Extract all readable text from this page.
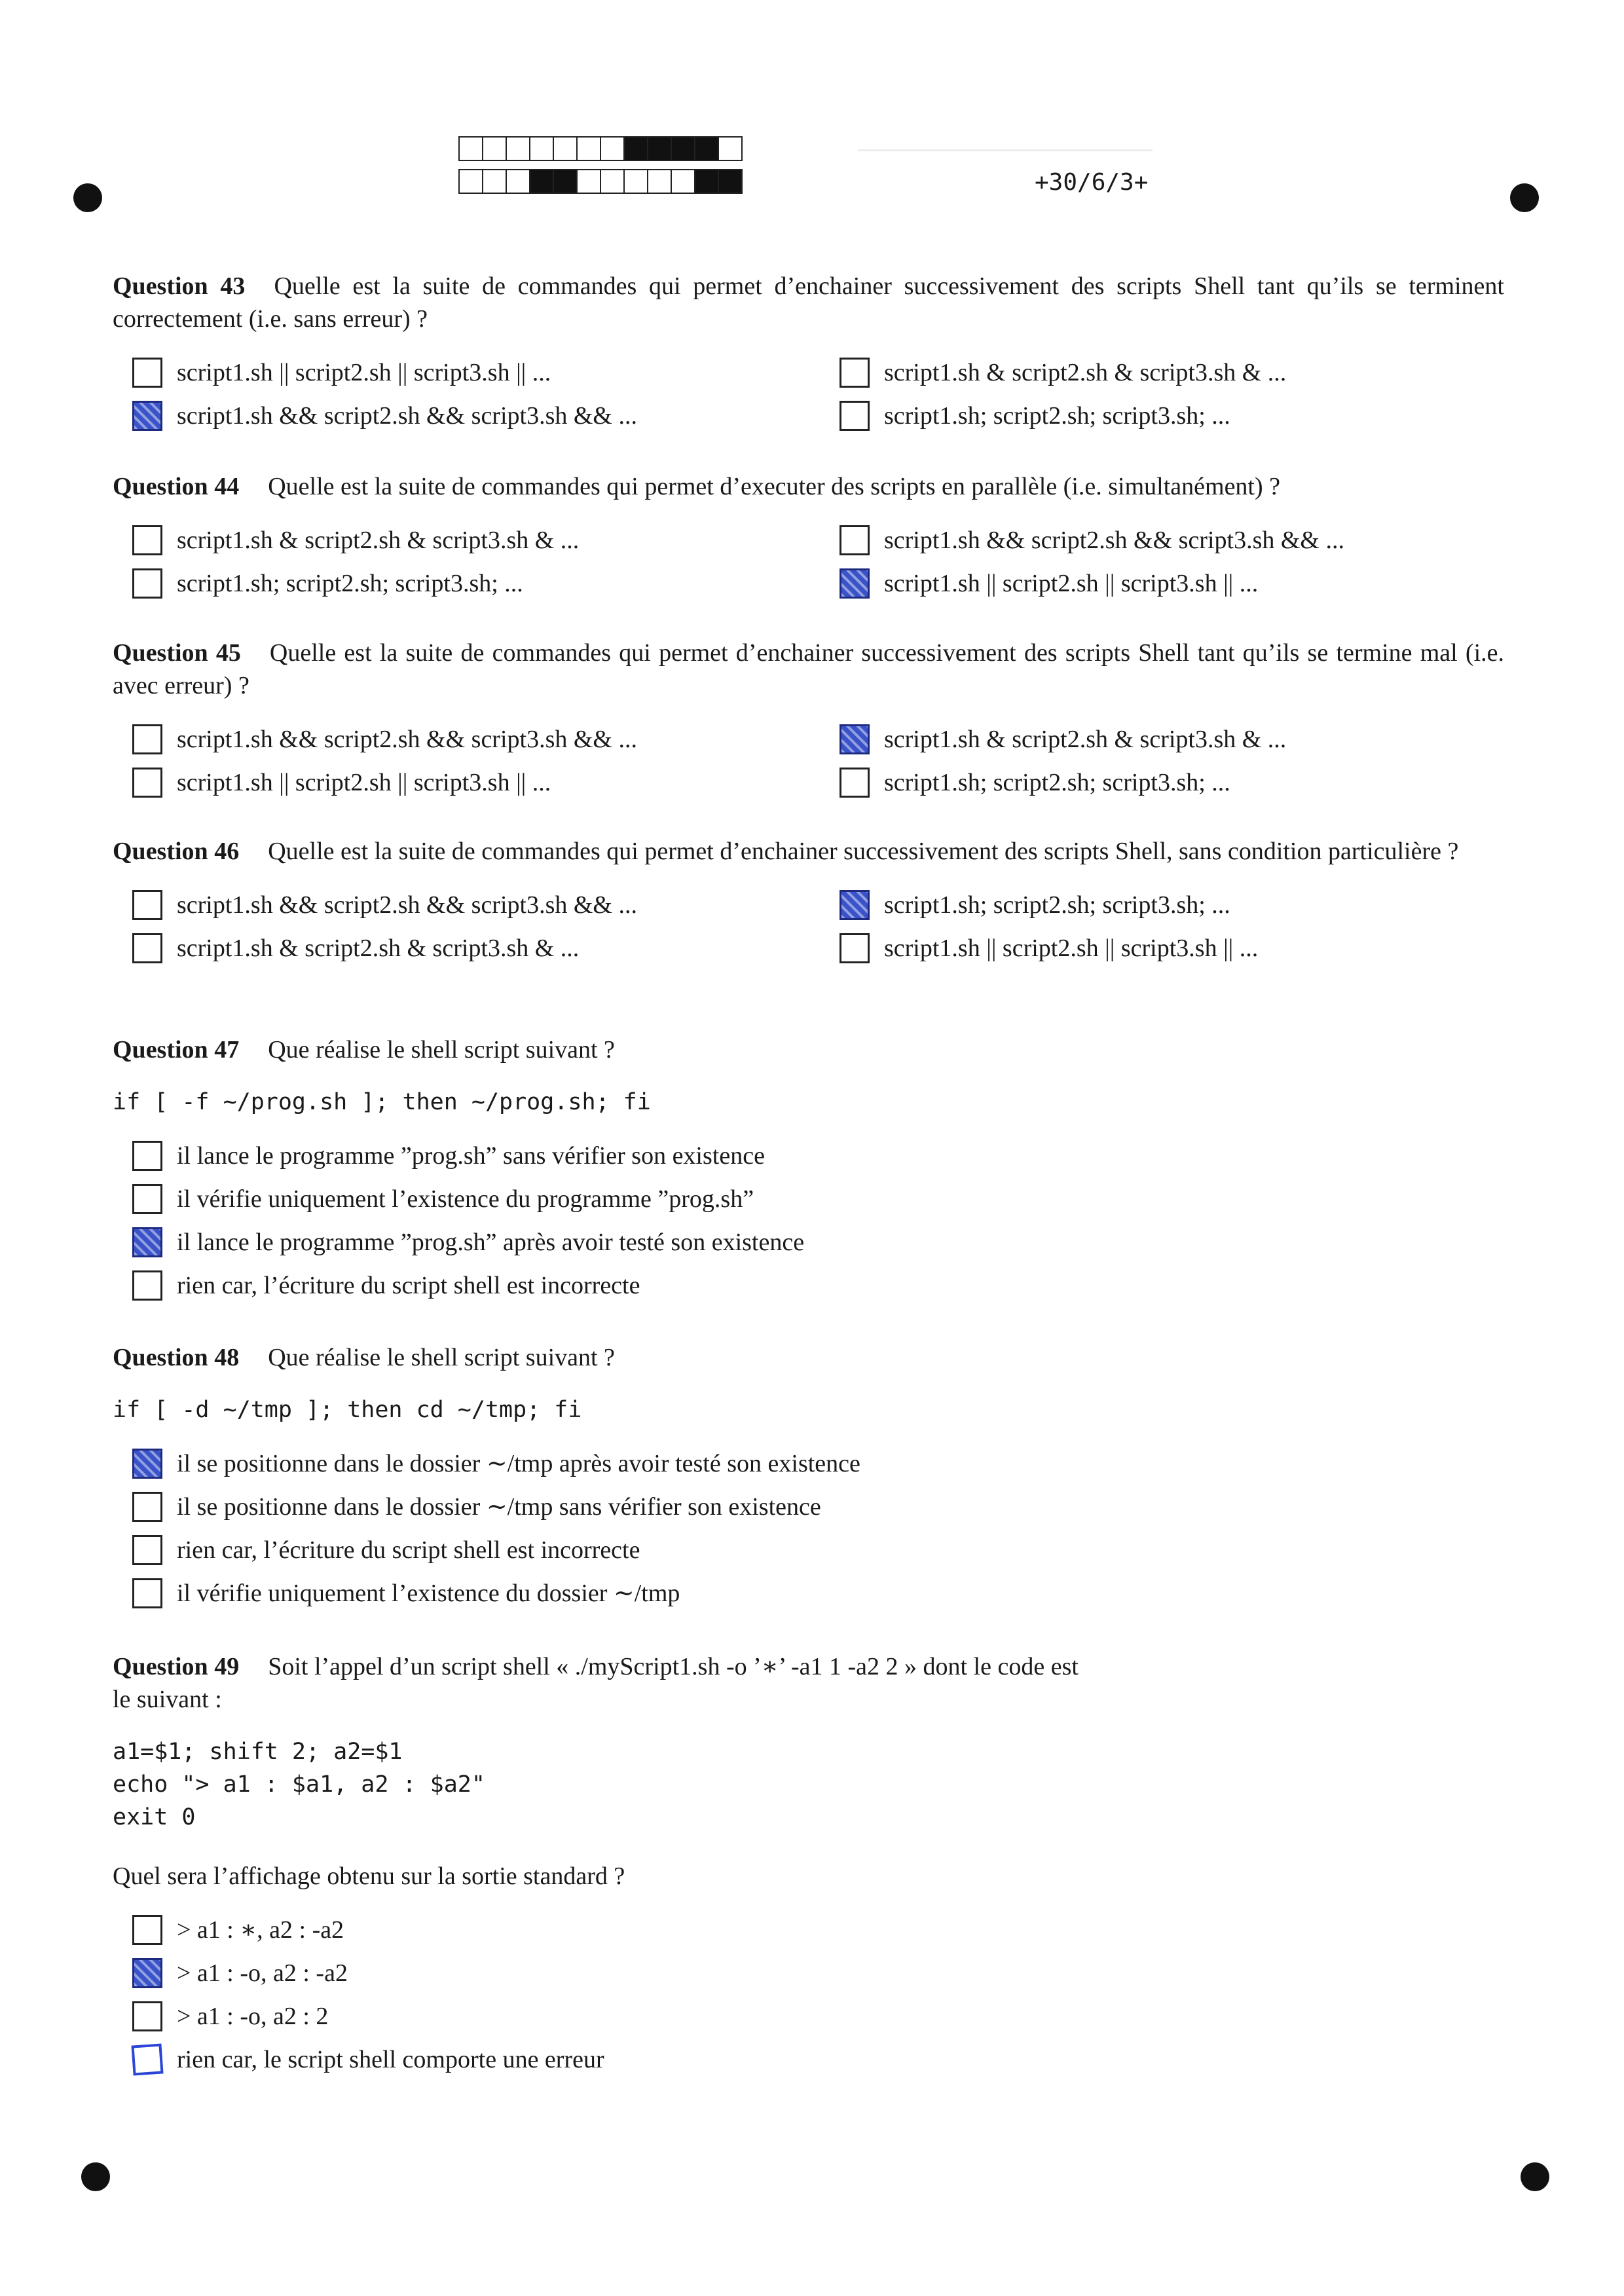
+30/6/3+

Question 43 Quelle est la suite de commandes qui permet d’enchainer successivement des scripts Shell tant qu’ils se terminent correctement (i.e. sans erreur) ?

script1.sh || script2.sh || script3.sh || ...	script1.sh & script2.sh & script3.sh & ...
script1.sh && script2.sh && script3.sh && ...	script1.sh; script2.sh; script3.sh; ...

Question 44 Quelle est la suite de commandes qui permet d’executer des scripts en parallèle (i.e. simultanément) ?

script1.sh & script2.sh & script3.sh & ...	script1.sh && script2.sh && script3.sh && ...
script1.sh; script2.sh; script3.sh; ...	script1.sh || script2.sh || script3.sh || ...

Question 45 Quelle est la suite de commandes qui permet d’enchainer successivement des scripts Shell tant qu’ils se termine mal (i.e. avec erreur) ?

script1.sh && script2.sh && script3.sh && ...	script1.sh & script2.sh & script3.sh & ...
script1.sh || script2.sh || script3.sh || ...	script1.sh; script2.sh; script3.sh; ...

Question 46 Quelle est la suite de commandes qui permet d’enchainer successivement des scripts Shell, sans condition particulière ?

script1.sh && script2.sh && script3.sh && ...	script1.sh; script2.sh; script3.sh; ...
script1.sh & script2.sh & script3.sh & ...	script1.sh || script2.sh || script3.sh || ...

Question 47 Que réalise le shell script suivant ?

if [ -f ~/prog.sh ]; then ~/prog.sh; fi
il lance le programme ”prog.sh” sans vérifier son existence
il vérifie uniquement l’existence du programme ”prog.sh”
il lance le programme ”prog.sh” après avoir testé son existence
rien car, l’écriture du script shell est incorrecte

Question 48 Que réalise le shell script suivant ?

if [ -d ~/tmp ]; then cd ~/tmp; fi
il se positionne dans le dossier ∼/tmp après avoir testé son existence
il se positionne dans le dossier ∼/tmp sans vérifier son existence
rien car, l’écriture du script shell est incorrecte
il vérifie uniquement l’existence du dossier ∼/tmp

Question 49 Soit l’appel d’un script shell « ./myScript1.sh -o ’∗’ -a1 1 -a2 2 » dont le code est le suivant :

a1=$1; shift 2; a2=$1
echo "> a1 : $a1, a2 : $a2"
exit 0

Quel sera l’affichage obtenu sur la sortie standard ?

> a1 : ∗, a2 : -a2
> a1 : -o, a2 : -a2
> a1 : -o, a2 : 2
rien car, le script shell comporte une erreur
